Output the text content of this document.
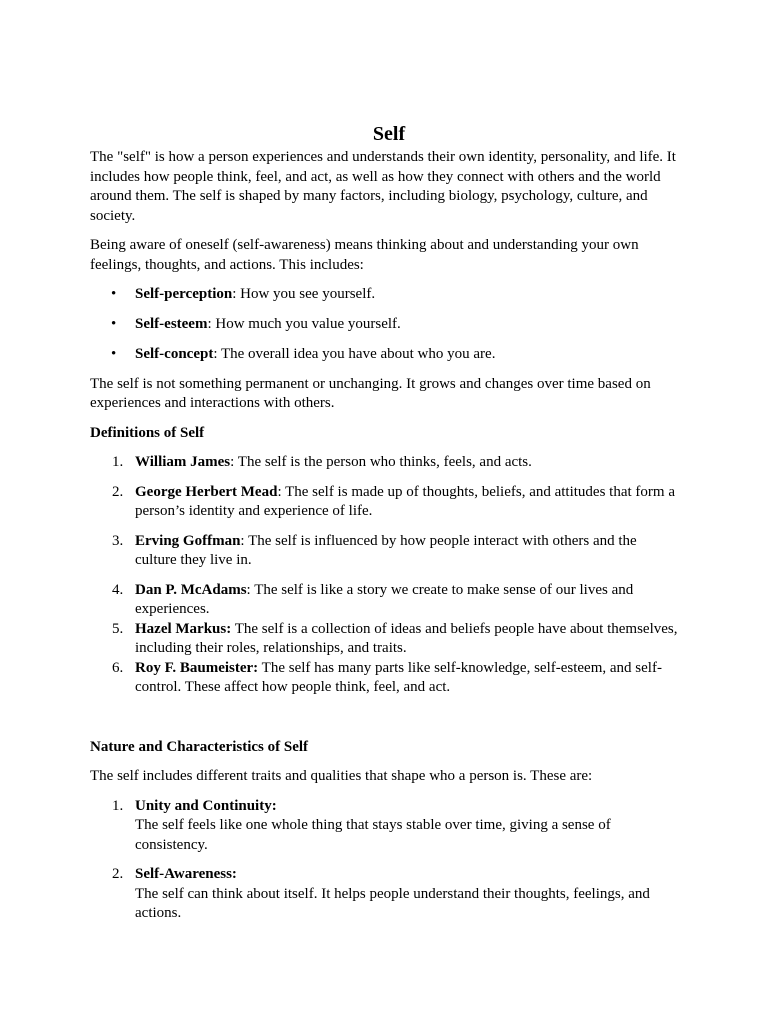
Self

The "self" is how a person experiences and understands their own identity, personality, and life. It includes how people think, feel, and act, as well as how they connect with others and the world around them. The self is shaped by many factors, including biology, psychology, culture, and society.

Being aware of oneself (self-awareness) means thinking about and understanding your own feelings, thoughts, and actions. This includes:

• Self-perception: How you see yourself.
• Self-esteem: How much you value yourself.
• Self-concept: The overall idea you have about who you are.

The self is not something permanent or unchanging. It grows and changes over time based on experiences and interactions with others.

Definitions of Self

1. William James: The self is the person who thinks, feels, and acts.
2. George Herbert Mead: The self is made up of thoughts, beliefs, and attitudes that form a person’s identity and experience of life.
3. Erving Goffman: The self is influenced by how people interact with others and the culture they live in.
4. Dan P. McAdams: The self is like a story we create to make sense of our lives and experiences.
5. Hazel Markus: The self is a collection of ideas and beliefs people have about themselves, including their roles, relationships, and traits.
6. Roy F. Baumeister: The self has many parts like self-knowledge, self-esteem, and self-control. These affect how people think, feel, and act.

Nature and Characteristics of Self

The self includes different traits and qualities that shape who a person is. These are:

1. Unity and Continuity:
The self feels like one whole thing that stays stable over time, giving a sense of consistency.
2. Self-Awareness:
The self can think about itself. It helps people understand their thoughts, feelings, and actions.
